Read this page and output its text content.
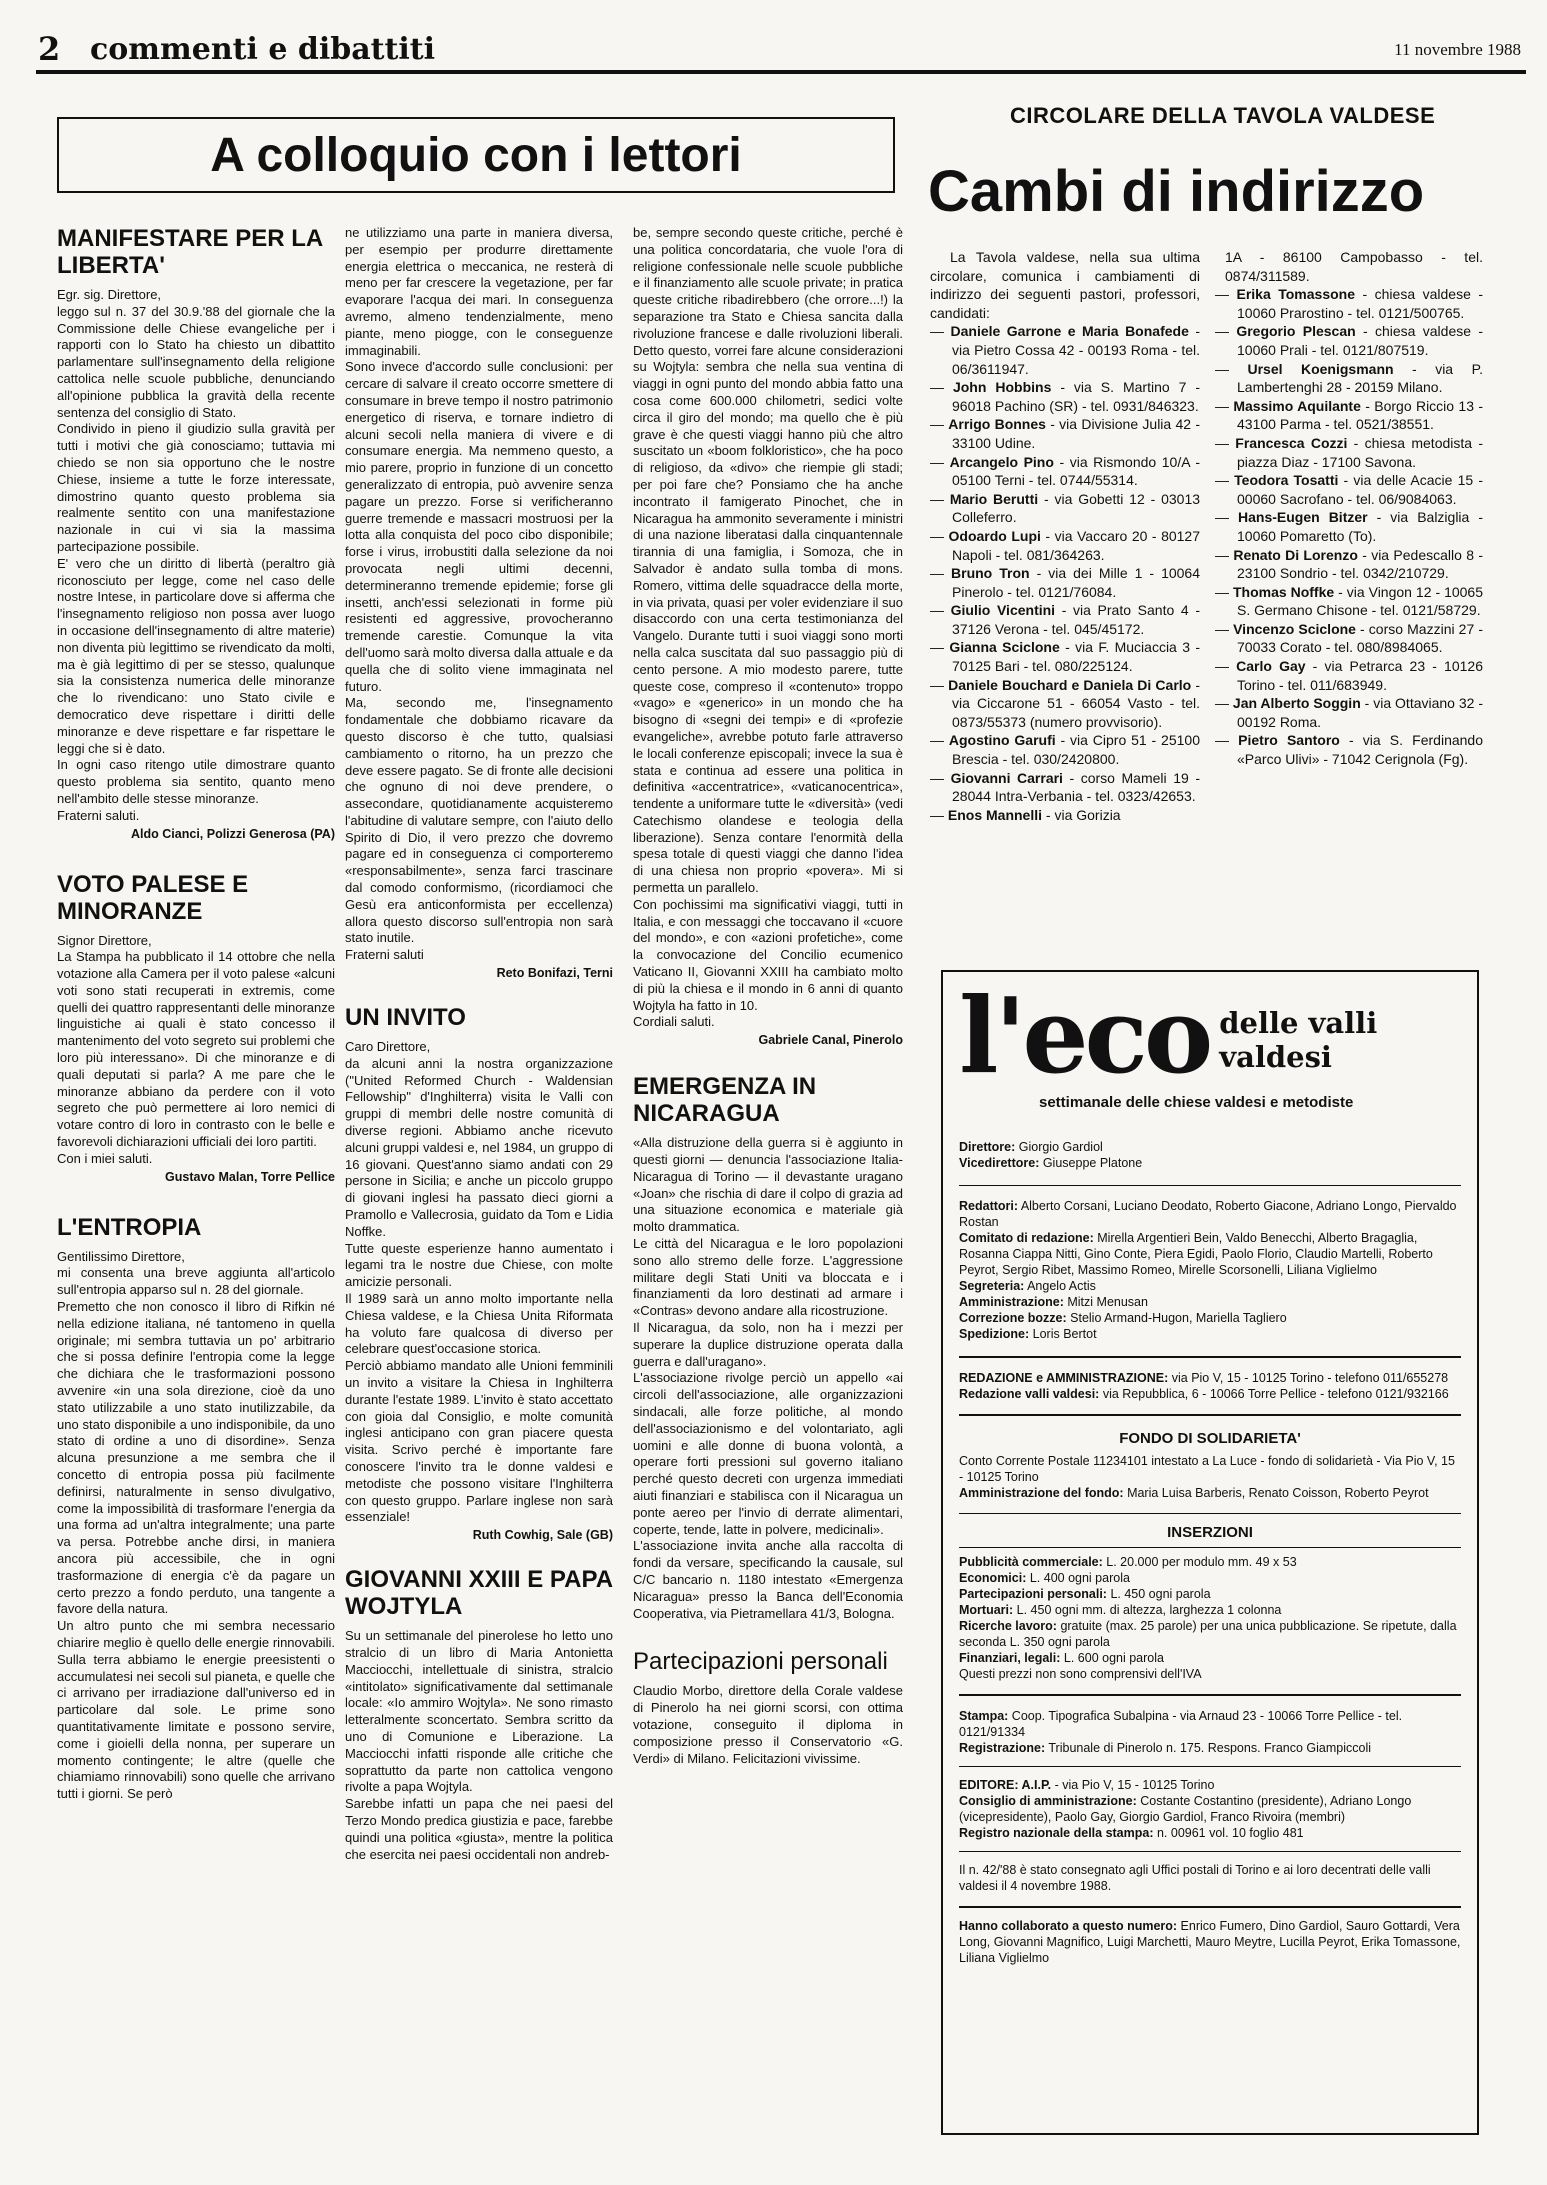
2 commenti e dibattiti	11 novembre 1988
A colloquio con i lettori
MANIFESTARE PER LA LIBERTA'
Egr. sig. Direttore,
leggo sul n. 37 del 30.9.'88 del giornale che la Commissione delle Chiese evangeliche per i rapporti con lo Stato ha chiesto un dibattito parlamentare sull'insegnamento della religione cattolica nelle scuole pubbliche, denunciando all'opinione pubblica la gravità della recente sentenza del consiglio di Stato.
Condivido in pieno il giudizio sulla gravità per tutti i motivi che già conosciamo; tuttavia mi chiedo se non sia opportuno che le nostre Chiese, insieme a tutte le forze interessate, dimostrino quanto questo problema sia realmente sentito con una manifestazione nazionale in cui vi sia la massima partecipazione possibile.
E' vero che un diritto di libertà (peraltro già riconosciuto per legge, come nel caso delle nostre Intese, in particolare dove si afferma che l'insegnamento religioso non possa aver luogo in occasione dell'insegnamento di altre materie) non diventa più legittimo se rivendicato da molti, ma è già legittimo di per se stesso, qualunque sia la consistenza numerica delle minoranze che lo rivendicano: uno Stato civile e democratico deve rispettare i diritti delle minoranze e deve rispettare e far rispettare le leggi che si è dato.
In ogni caso ritengo utile dimostrare quanto questo problema sia sentito, quanto meno nell'ambito delle stesse minoranze.
Fraterni saluti.
Aldo Cianci, Polizzi Generosa (PA)
VOTO PALESE E MINORANZE
Signor Direttore,
La Stampa ha pubblicato il 14 ottobre che nella votazione alla Camera per il voto palese «alcuni voti sono stati recuperati in extremis, come quelli dei quattro rappresentanti delle minoranze linguistiche ai quali è stato concesso il mantenimento del voto segreto sui problemi che loro più interessano». Di che minoranze e di quali deputati si parla? A me pare che le minoranze abbiano da perdere con il voto segreto che può permettere ai loro nemici di votare contro di loro in contrasto con le belle e favorevoli dichiarazioni ufficiali dei loro partiti.
Con i miei saluti.
Gustavo Malan, Torre Pellice
L'ENTROPIA
Gentilissimo Direttore,
mi consenta una breve aggiunta all'articolo sull'entropia apparso sul n. 28 del giornale.
Premetto che non conosco il libro di Rifkin né nella edizione italiana, né tantomeno in quella originale; mi sembra tuttavia un po' arbitrario che si possa definire l'entropia come la legge che dichiara che le trasformazioni possono avvenire «in una sola direzione, cioè da uno stato utilizzabile a uno stato inutilizzabile, da uno stato disponibile a uno indisponibile, da uno stato di ordine a uno di disordine». Senza alcuna presunzione a me sembra che il concetto di entropia possa più facilmente definirsi, naturalmente in senso divulgativo, come la impossibilità di trasformare l'energia da una forma ad un'altra integralmente; una parte va persa. Potrebbe anche dirsi, in maniera ancora più accessibile, che in ogni trasformazione di energia c'è da pagare un certo prezzo a fondo perduto, una tangente a favore della natura.
Un altro punto che mi sembra necessario chiarire meglio è quello delle energie rinnovabili. Sulla terra abbiamo le energie preesistenti o accumulatesi nei secoli sul pianeta, e quelle che ci arrivano per irradiazione dall'universo ed in particolare dal sole. Le prime sono quantitativamente limitate e possono servire, come i gioielli della nonna, per superare un momento contingente; le altre (quelle che chiamiamo rinnovabili) sono quelle che arrivano tutti i giorni. Se però
ne utilizziamo una parte in maniera diversa, per esempio per produrre direttamente energia elettrica o meccanica, ne resterà di meno per far crescere la vegetazione, per far evaporare l'acqua dei mari. In conseguenza avremo, almeno tendenzialmente, meno piante, meno piogge, con le conseguenze immaginabili.
Sono invece d'accordo sulle conclusioni: per cercare di salvare il creato occorre smettere di consumare in breve tempo il nostro patrimonio energetico di riserva, e tornare indietro di alcuni secoli nella maniera di vivere e di consumare energia. Ma nemmeno questo, a mio parere, proprio in funzione di un concetto generalizzato di entropia, può avvenire senza pagare un prezzo. Forse si verificheranno guerre tremende e massacri mostruosi per la lotta alla conquista del poco cibo disponibile; forse i virus, irrobustiti dalla selezione da noi provocata negli ultimi decenni, determineranno tremende epidemie; forse gli insetti, anch'essi selezionati in forme più resistenti ed aggressive, provocheranno tremende carestie. Comunque la vita dell'uomo sarà molto diversa dalla attuale e da quella che di solito viene immaginata nel futuro.
Ma, secondo me, l'insegnamento fondamentale che dobbiamo ricavare da questo discorso è che tutto, qualsiasi cambiamento o ritorno, ha un prezzo che deve essere pagato. Se di fronte alle decisioni che ognuno di noi deve prendere, o assecondare, quotidianamente acquisteremo l'abitudine di valutare sempre, con l'aiuto dello Spirito di Dio, il vero prezzo che dovremo pagare ed in conseguenza ci comporteremo «responsabilmente», senza farci trascinare dal comodo conformismo, (ricordiamoci che Gesù era anticonformista per eccellenza) allora questo discorso sull'entropia non sarà stato inutile.
Fraterni saluti
Reto Bonifazi, Terni
UN INVITO
Caro Direttore,
da alcuni anni la nostra organizzazione ("United Reformed Church - Waldensian Fellowship" d'Inghilterra) visita le Valli con gruppi di membri delle nostre comunità di diverse regioni. Abbiamo anche ricevuto alcuni gruppi valdesi e, nel 1984, un gruppo di 16 giovani. Quest'anno siamo andati con 29 persone in Sicilia; e anche un piccolo gruppo di giovani inglesi ha passato dieci giorni a Pramollo e Vallecrosia, guidato da Tom e Lidia Noffke.
Tutte queste esperienze hanno aumentato i legami tra le nostre due Chiese, con molte amicizie personali.
Il 1989 sarà un anno molto importante nella Chiesa valdese, e la Chiesa Unita Riformata ha voluto fare qualcosa di diverso per celebrare quest'occasione storica.
Perciò abbiamo mandato alle Unioni femminili un invito a visitare la Chiesa in Inghilterra durante l'estate 1989. L'invito è stato accettato con gioia dal Consiglio, e molte comunità inglesi anticipano con gran piacere questa visita. Scrivo perché è importante fare conoscere l'invito tra le donne valdesi e metodiste che possono visitare l'Inghilterra con questo gruppo. Parlare inglese non sarà essenziale!
Ruth Cowhig, Sale (GB)
GIOVANNI XXIII E PAPA WOJTYLA
Su un settimanale del pinerolese ho letto uno stralcio di un libro di Maria Antonietta Macciocchi, intellettuale di sinistra, stralcio «intitolato» significativamente dal settimanale locale: «Io ammiro Wojtyla». Ne sono rimasto letteralmente sconcertato. Sembra scritto da uno di Comunione e Liberazione. La Macciocchi infatti risponde alle critiche che soprattutto da parte non cattolica vengono rivolte a papa Wojtyla.
Sarebbe infatti un papa che nei paesi del Terzo Mondo predica giustizia e pace, farebbe quindi una politica «giusta», mentre la politica che esercita nei paesi occidentali non andreb-
be, sempre secondo queste critiche, perché è una politica concordataria, che vuole l'ora di religione confessionale nelle scuole pubbliche e il finanziamento alle scuole private; in pratica queste critiche ribadirebbero (che orrore...!) la separazione tra Stato e Chiesa sancita dalla rivoluzione francese e dalle rivoluzioni liberali. Detto questo, vorrei fare alcune considerazioni su Wojtyla: sembra che nella sua ventina di viaggi in ogni punto del mondo abbia fatto una cosa come 600.000 chilometri, sedici volte circa il giro del mondo; ma quello che è più grave è che questi viaggi hanno più che altro suscitato un «boom folkloristico», che ha poco di religioso, da «divo» che riempie gli stadi; per poi fare che? Ponsiamo che ha anche incontrato il famigerato Pinochet, che in Nicaragua ha ammonito severamente i ministri di una nazione liberatasi dalla cinquantennale tirannia di una famiglia, i Somoza, che in Salvador è andato sulla tomba di mons. Romero, vittima delle squadracce della morte, in via privata, quasi per voler evidenziare il suo disaccordo con una certa testimonianza del Vangelo. Durante tutti i suoi viaggi sono morti nella calca suscitata dal suo passaggio più di cento persone. A mio modesto parere, tutte queste cose, compreso il «contenuto» troppo «vago» e «generico» in un mondo che ha bisogno di «segni dei tempi» e di «profezie evangeliche», avrebbe potuto farle attraverso le locali conferenze episcopali; invece la sua è stata e continua ad essere una politica in definitiva «accentratrice», «vaticanocentrica», tendente a uniformare tutte le «diversità» (vedi Catechismo olandese e teologia della liberazione). Senza contare l'enormità della spesa totale di questi viaggi che danno l'idea di una chiesa non proprio «povera». Mi si permetta un parallelo.
Con pochissimi ma significativi viaggi, tutti in Italia, e con messaggi che toccavano il «cuore del mondo», e con «azioni profetiche», come la convocazione del Concilio ecumenico Vaticano II, Giovanni XXIII ha cambiato molto di più la chiesa e il mondo in 6 anni di quanto Wojtyla ha fatto in 10.
Cordiali saluti.
Gabriele Canal, Pinerolo
EMERGENZA IN NICARAGUA
«Alla distruzione della guerra si è aggiunto in questi giorni — denuncia l'associazione Italia-Nicaragua di Torino — il devastante uragano «Joan» che rischia di dare il colpo di grazia ad una situazione economica e materiale già molto drammatica.
Le città del Nicaragua e le loro popolazioni sono allo stremo delle forze. L'aggressione militare degli Stati Uniti va bloccata e i finanziamenti da loro destinati ad armare i «Contras» devono andare alla ricostruzione.
Il Nicaragua, da solo, non ha i mezzi per superare la duplice distruzione operata dalla guerra e dall'uragano».
L'associazione rivolge perciò un appello «ai circoli dell'associazione, alle organizzazioni sindacali, alle forze politiche, al mondo dell'associazionismo e del volontariato, agli uomini e alle donne di buona volontà, a operare forti pressioni sul governo italiano perché questo decreti con urgenza immediati aiuti finanziari e stabilisca con il Nicaragua un ponte aereo per l'invio di derrate alimentari, coperte, tende, latte in polvere, medicinali».
L'associazione invita anche alla raccolta di fondi da versare, specificando la causale, sul C/C bancario n. 1180 intestato «Emergenza Nicaragua» presso la Banca dell'Economia Cooperativa, via Pietramellara 41/3, Bologna.
Partecipazioni personali
Claudio Morbo, direttore della Corale valdese di Pinerolo ha nei giorni scorsi, con ottima votazione, conseguito il diploma in composizione presso il Conservatorio «G. Verdi» di Milano. Felicitazioni vivissime.
CIRCOLARE DELLA TAVOLA VALDESE
Cambi di indirizzo
La Tavola valdese, nella sua ultima circolare, comunica i cambiamenti di indirizzo dei seguenti pastori, professori, candidati:
— Daniele Garrone e Maria Bonafede - via Pietro Cossa 42 - 00193 Roma - tel. 06/3611947.
— John Hobbins - via S. Martino 7 - 96018 Pachino (SR) - tel. 0931/846323.
— Arrigo Bonnes - via Divisione Julia 42 - 33100 Udine.
— Arcangelo Pino - via Rismondo 10/A - 05100 Terni - tel. 0744/55314.
— Mario Berutti - via Gobetti 12 - 03013 Colleferro.
— Odoardo Lupi - via Vaccaro 20 - 80127 Napoli - tel. 081/364263.
— Bruno Tron - via dei Mille 1 - 10064 Pinerolo - tel. 0121/76084.
— Giulio Vicentini - via Prato Santo 4 - 37126 Verona - tel. 045/45172.
— Gianna Sciclone - via F. Muciaccia 3 - 70125 Bari - tel. 080/225124.
— Daniele Bouchard e Daniela Di Carlo - via Ciccarone 51 - 66054 Vasto - tel. 0873/55373 (numero provvisorio).
— Agostino Garufi - via Cipro 51 - 25100 Brescia - tel. 030/2420800.
— Giovanni Carrari - corso Mameli 19 - 28044 Intra-Verbania - tel. 0323/42653.
— Enos Mannelli - via Gorizia
1A - 86100 Campobasso - tel. 0874/311589.
— Erika Tomassone - chiesa valdese - 10060 Prarostino - tel. 0121/500765.
— Gregorio Plescan - chiesa valdese - 10060 Prali - tel. 0121/807519.
— Ursel Koenigsmann - via P. Lambertenghi 28 - 20159 Milano.
— Massimo Aquilante - Borgo Riccio 13 - 43100 Parma - tel. 0521/38551.
— Francesca Cozzi - chiesa metodista - piazza Diaz - 17100 Savona.
— Teodora Tosatti - via delle Acacie 15 - 00060 Sacrofano - tel. 06/9084063.
— Hans-Eugen Bitzer - via Balziglia - 10060 Pomaretto (To).
— Renato Di Lorenzo - via Pedescallo 8 - 23100 Sondrio - tel. 0342/210729.
— Thomas Noffke - via Vingon 12 - 10065 S. Germano Chisone - tel. 0121/58729.
— Vincenzo Sciclone - corso Mazzini 27 - 70033 Corato - tel. 080/8984065.
— Carlo Gay - via Petrarca 23 - 10126 Torino - tel. 011/683949.
— Jan Alberto Soggin - via Ottaviano 32 - 00192 Roma.
— Pietro Santoro - via S. Ferdinando «Parco Ulivi» - 71042 Cerignola (Fg).
l'eco delle valli valdesi
settimanale delle chiese valdesi e metodiste

Direttore: Giorgio Gardiol

Vicedirettore: Giuseppe Platone

Redattori: Alberto Corsani, Luciano Deodato, Roberto Giacone, Adriano Longo, Piervaldo Rostan

Comitato di redazione: Mirella Argentieri Bein, Valdo Benecchi, Alberto Bragaglia, Rosanna Ciappa Nitti, Gino Conte, Piera Egidi, Paolo Florio, Claudio Martelli, Roberto Peyrot, Sergio Ribet, Massimo Romeo, Mirelle Scorsonelli, Liliana Viglielmo

Segreteria: Angelo Actis

Amministrazione: Mitzi Menusan

Correzione bozze: Stelio Armand-Hugon, Mariella Tagliero

Spedizione: Loris Bertot

REDAZIONE e AMMINISTRAZIONE: via Pio V, 15 - 10125 Torino - telefono 011/655278

Redazione valli valdesi: via Repubblica, 6 - 10066 Torre Pellice - telefono 0121/932166

FONDO DI SOLIDARIETA'

Conto Corrente Postale 11234101 intestato a La Luce - fondo di solidarietà - Via Pio V, 15 - 10125 Torino

Amministrazione del fondo: Maria Luisa Barberis, Renato Coisson, Roberto Peyrot

INSERZIONI

Pubblicità commerciale: L. 20.000 per modulo mm. 49 x 53

Economici: L. 400 ogni parola

Partecipazioni personali: L. 450 ogni parola

Mortuari: L. 450 ogni mm. di altezza, larghezza 1 colonna

Ricerche lavoro: gratuite (max. 25 parole) per una unica pubblicazione. Se ripetute, dalla seconda L. 350 ogni parola

Finanziari, legali: L. 600 ogni parola

Questi prezzi non sono comprensivi dell'IVA

Stampa: Coop. Tipografica Subalpina - via Arnaud 23 - 10066 Torre Pellice - tel. 0121/91334

Registrazione: Tribunale di Pinerolo n. 175. Respons. Franco Giampiccoli

EDITORE: A.I.P. - via Pio V, 15 - 10125 Torino

Consiglio di amministrazione: Costante Costantino (presidente), Adriano Longo (vicepresidente), Paolo Gay, Giorgio Gardiol, Franco Rivoira (membri)

Registro nazionale della stampa: n. 00961 vol. 10 foglio 481

Il n. 42/'88 è stato consegnato agli Uffici postali di Torino e ai loro decentrati delle valli valdesi il 4 novembre 1988.

Hanno collaborato a questo numero: Enrico Fumero, Dino Gardiol, Sauro Gottardi, Vera Long, Giovanni Magnifico, Luigi Marchetti, Mauro Meytre, Lucilla Peyrot, Erika Tomassone, Liliana Viglielmo
